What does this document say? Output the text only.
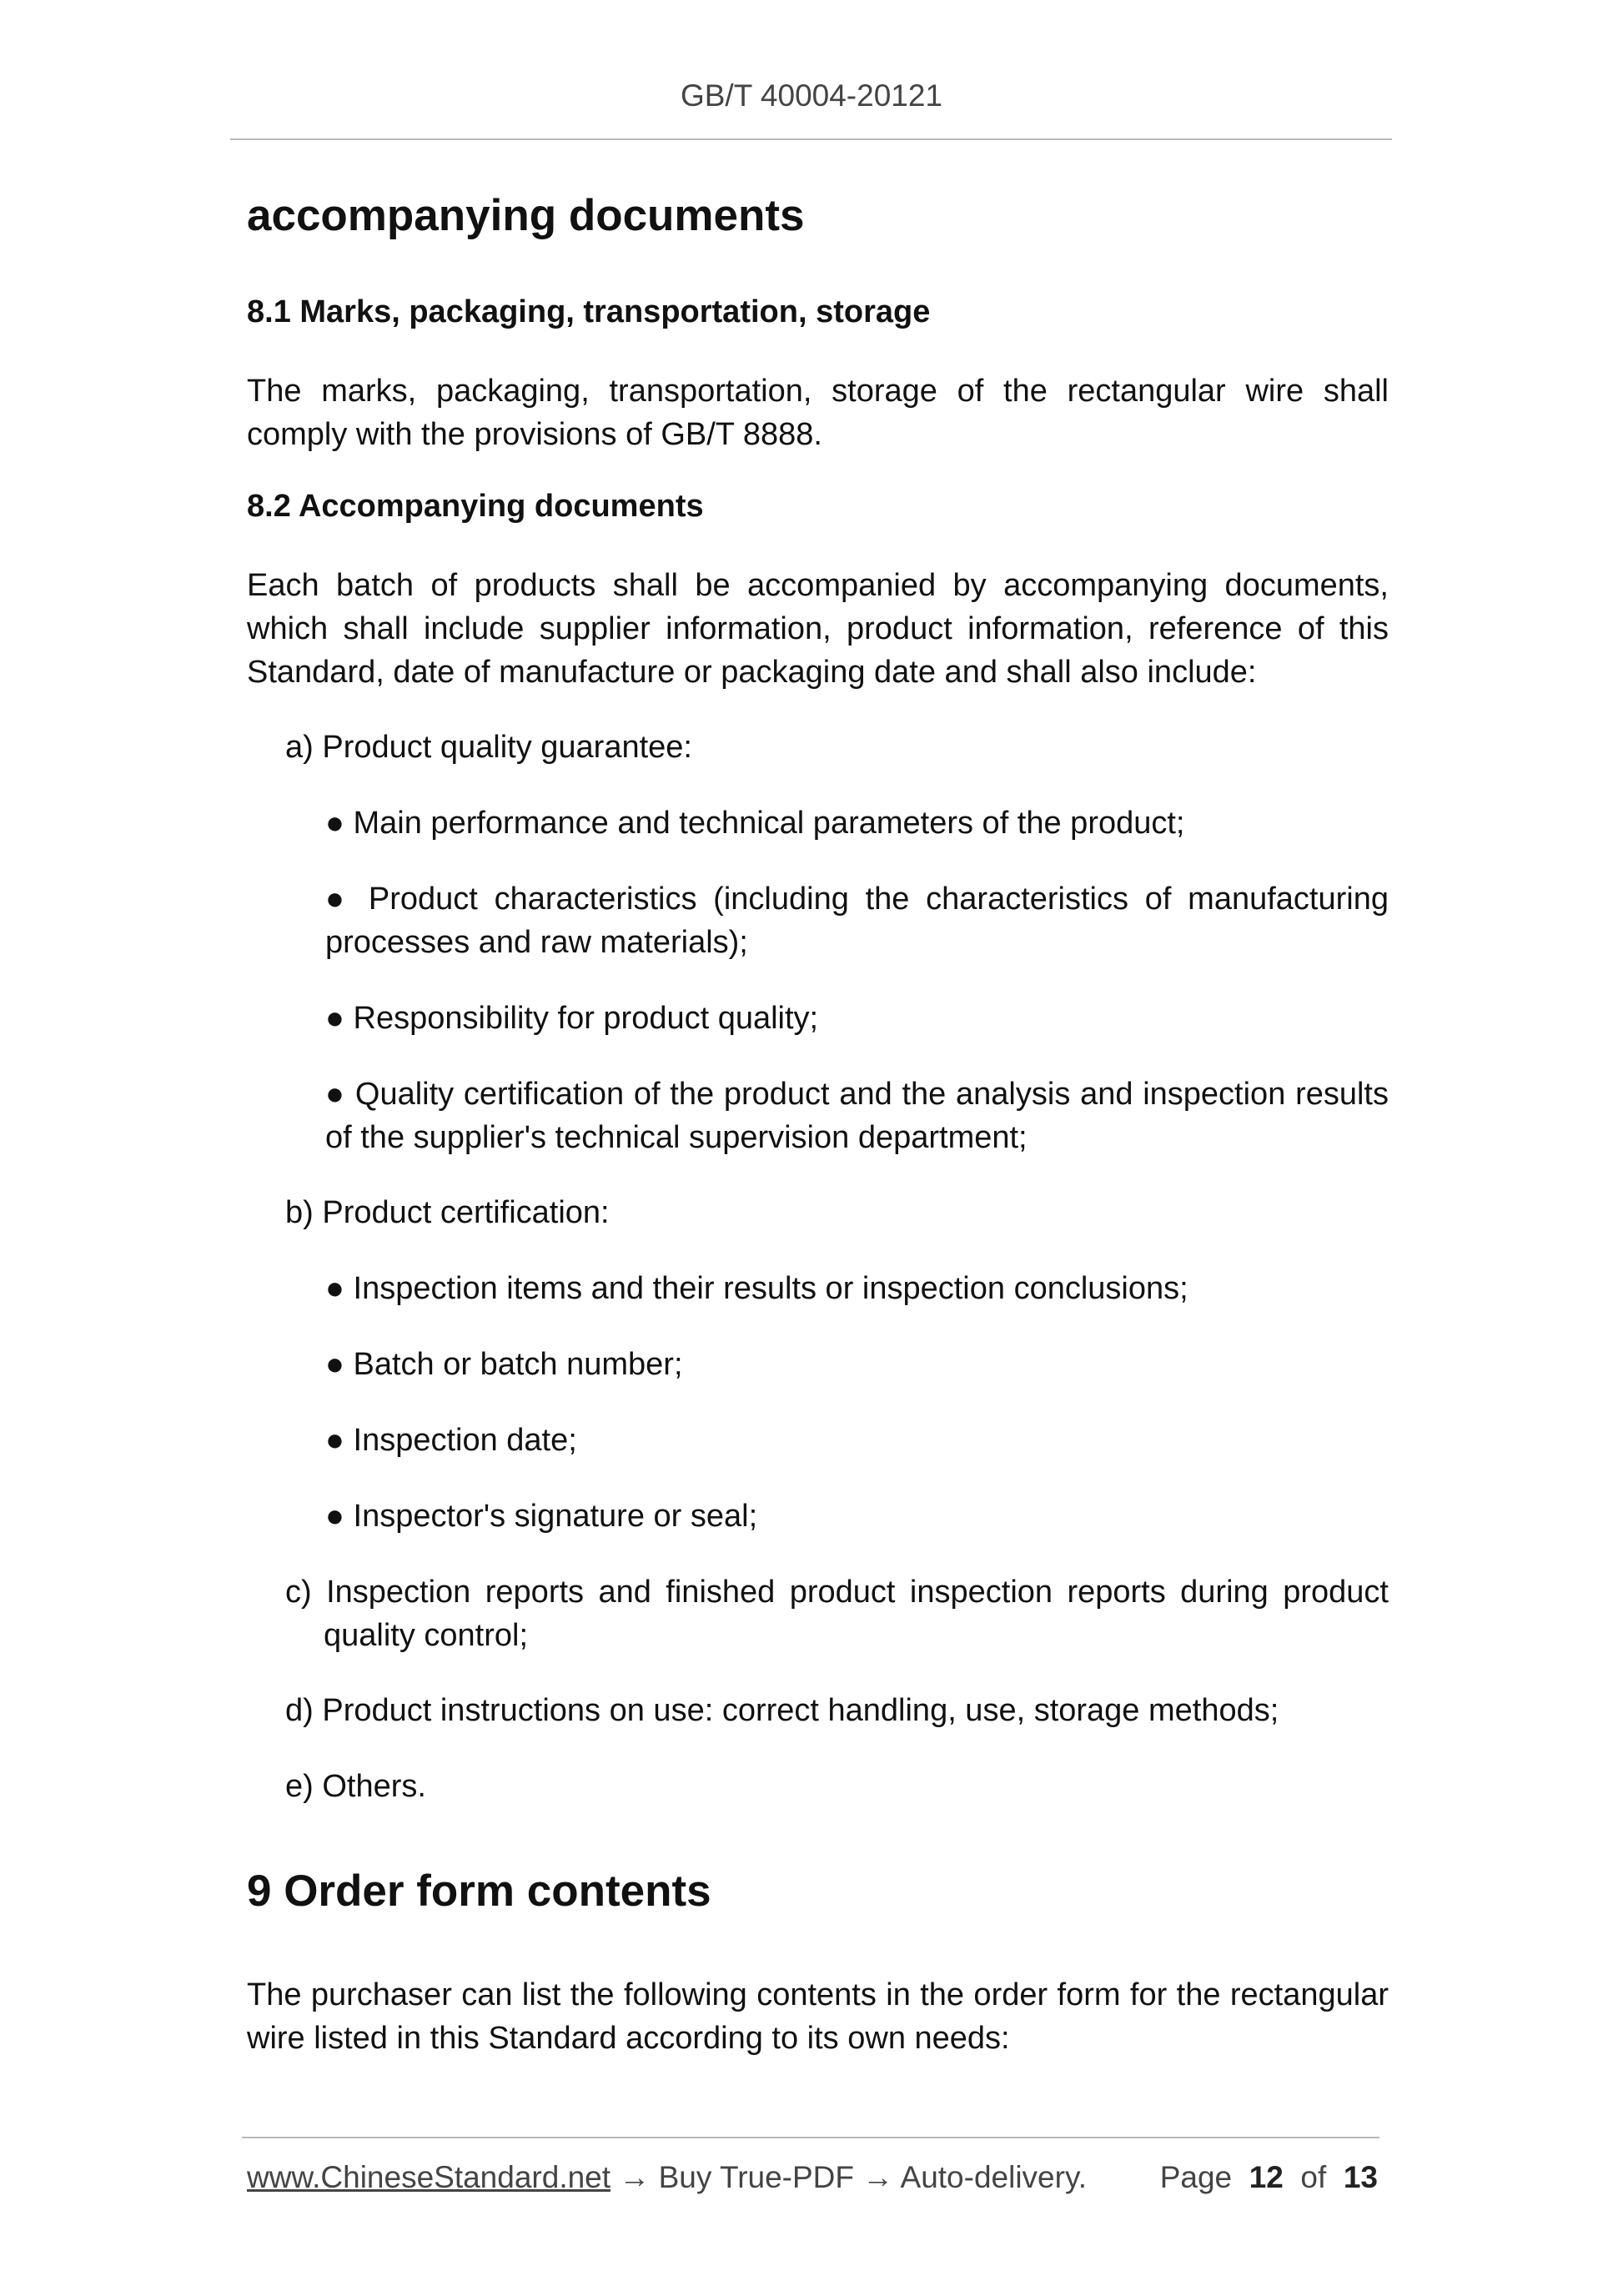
GB/T 40004-20121
accompanying documents
8.1 Marks, packaging, transportation, storage

The marks, packaging, transportation, storage of the rectangular wire shall comply with the provisions of GB/T 8888.

8.2 Accompanying documents

Each batch of products shall be accompanied by accompanying documents, which shall include supplier information, product information, reference of this Standard, date of manufacture or packaging date and shall also include:

a) Product quality guarantee:

● Main performance and technical parameters of the product;

● Product characteristics (including the characteristics of manufacturing processes and raw materials);

● Responsibility for product quality;

● Quality certification of the product and the analysis and inspection results of the supplier's technical supervision department;

b) Product certification:

● Inspection items and their results or inspection conclusions;

● Batch or batch number;

● Inspection date;

● Inspector's signature or seal;

c) Inspection reports and finished product inspection reports during product quality control;

d) Product instructions on use: correct handling, use, storage methods;

e) Others.

9 Order form contents

The purchaser can list the following contents in the order form for the rectangular wire listed in this Standard according to its own needs:

www.ChineseStandard.net → Buy True-PDF → Auto-delivery. Page 12 of 13
